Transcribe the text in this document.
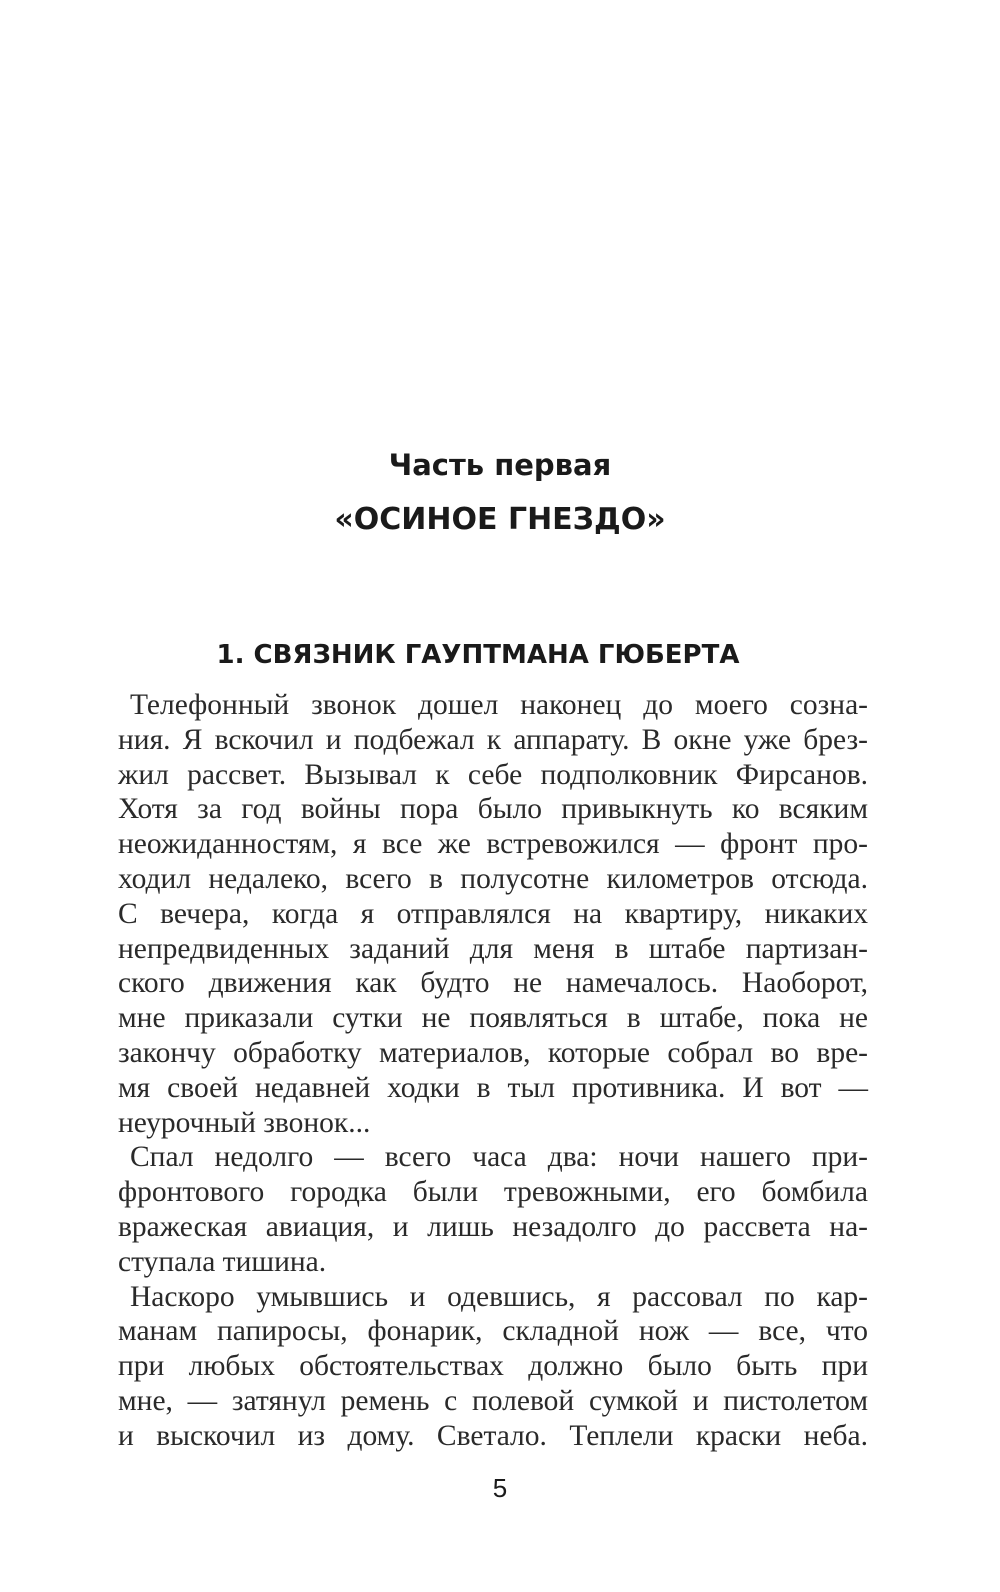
Часть первая
«ОСИНОЕ ГНЕЗДО»
1. СВЯЗНИК ГАУПТМАНА ГЮБЕРТА

Телефонный звонок дошел наконец до моего созна-
ния. Я вскочил и подбежал к аппарату. В окне уже брез-
жил рассвет. Вызывал к себе подполковник Фирсанов.
Хотя за год войны пора было привыкнуть ко всяким
неожиданностям, я все же встревожился — фронт про-
ходил недалеко, всего в полусотне километров отсюда.
С вечера, когда я отправлялся на квартиру, никаких
непредвиденных заданий для меня в штабе партизан-
ского движения как будто не намечалось. Наоборот,
мне приказали сутки не появляться в штабе, пока не
закончу обработку материалов, которые собрал во вре-
мя своей недавней ходки в тыл противника. И вот —
неурочный звонок...

Спал недолго — всего часа два: ночи нашего при-
фронтового городка были тревожными, его бомбила
вражеская авиация, и лишь незадолго до рассвета на-
ступала тишина.

Наскоро умывшись и одевшись, я рассовал по кар-
манам папиросы, фонарик, складной нож — все, что
при любых обстоятельствах должно было быть при
мне, — затянул ремень с полевой сумкой и пистолетом
и выскочил из дому. Светало. Теплели краски неба.

5
